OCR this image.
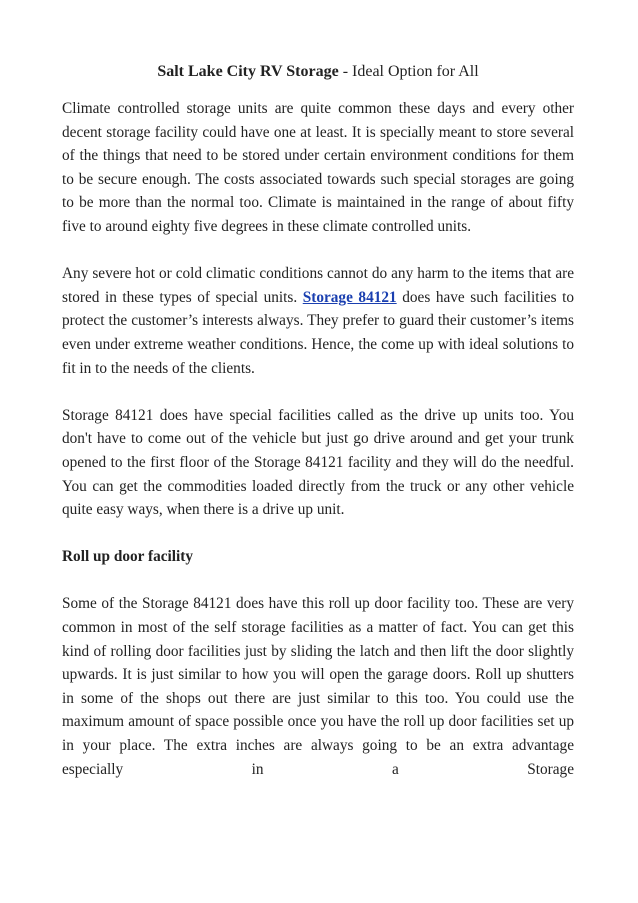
Salt Lake City RV Storage - Ideal Option for All

Climate controlled storage units are quite common these days and every other decent storage facility could have one at least. It is specially meant to store several of the things that need to be stored under certain environment conditions for them to be secure enough. The costs associated towards such special storages are going to be more than the normal too. Climate is maintained in the range of about fifty five to around eighty five degrees in these climate controlled units.

Any severe hot or cold climatic conditions cannot do any harm to the items that are stored in these types of special units. Storage 84121 does have such facilities to protect the customer’s interests always. They prefer to guard their customer’s items even under extreme weather conditions. Hence, the come up with ideal solutions to fit in to the needs of the clients.

Storage 84121 does have special facilities called as the drive up units too. You don't have to come out of the vehicle but just go drive around and get your trunk opened to the first floor of the Storage 84121 facility and they will do the needful. You can get the commodities loaded directly from the truck or any other vehicle quite easy ways, when there is a drive up unit.

Roll up door facility

Some of the Storage 84121 does have this roll up door facility too. These are very common in most of the self storage facilities as a matter of fact. You can get this kind of rolling door facilities just by sliding the latch and then lift the door slightly upwards. It is just similar to how you will open the garage doors. Roll up shutters in some of the shops out there are just similar to this too. You could use the maximum amount of space possible once you have the roll up door facilities set up in your place. The extra inches are always going to be an extra advantage especially in a Storage
